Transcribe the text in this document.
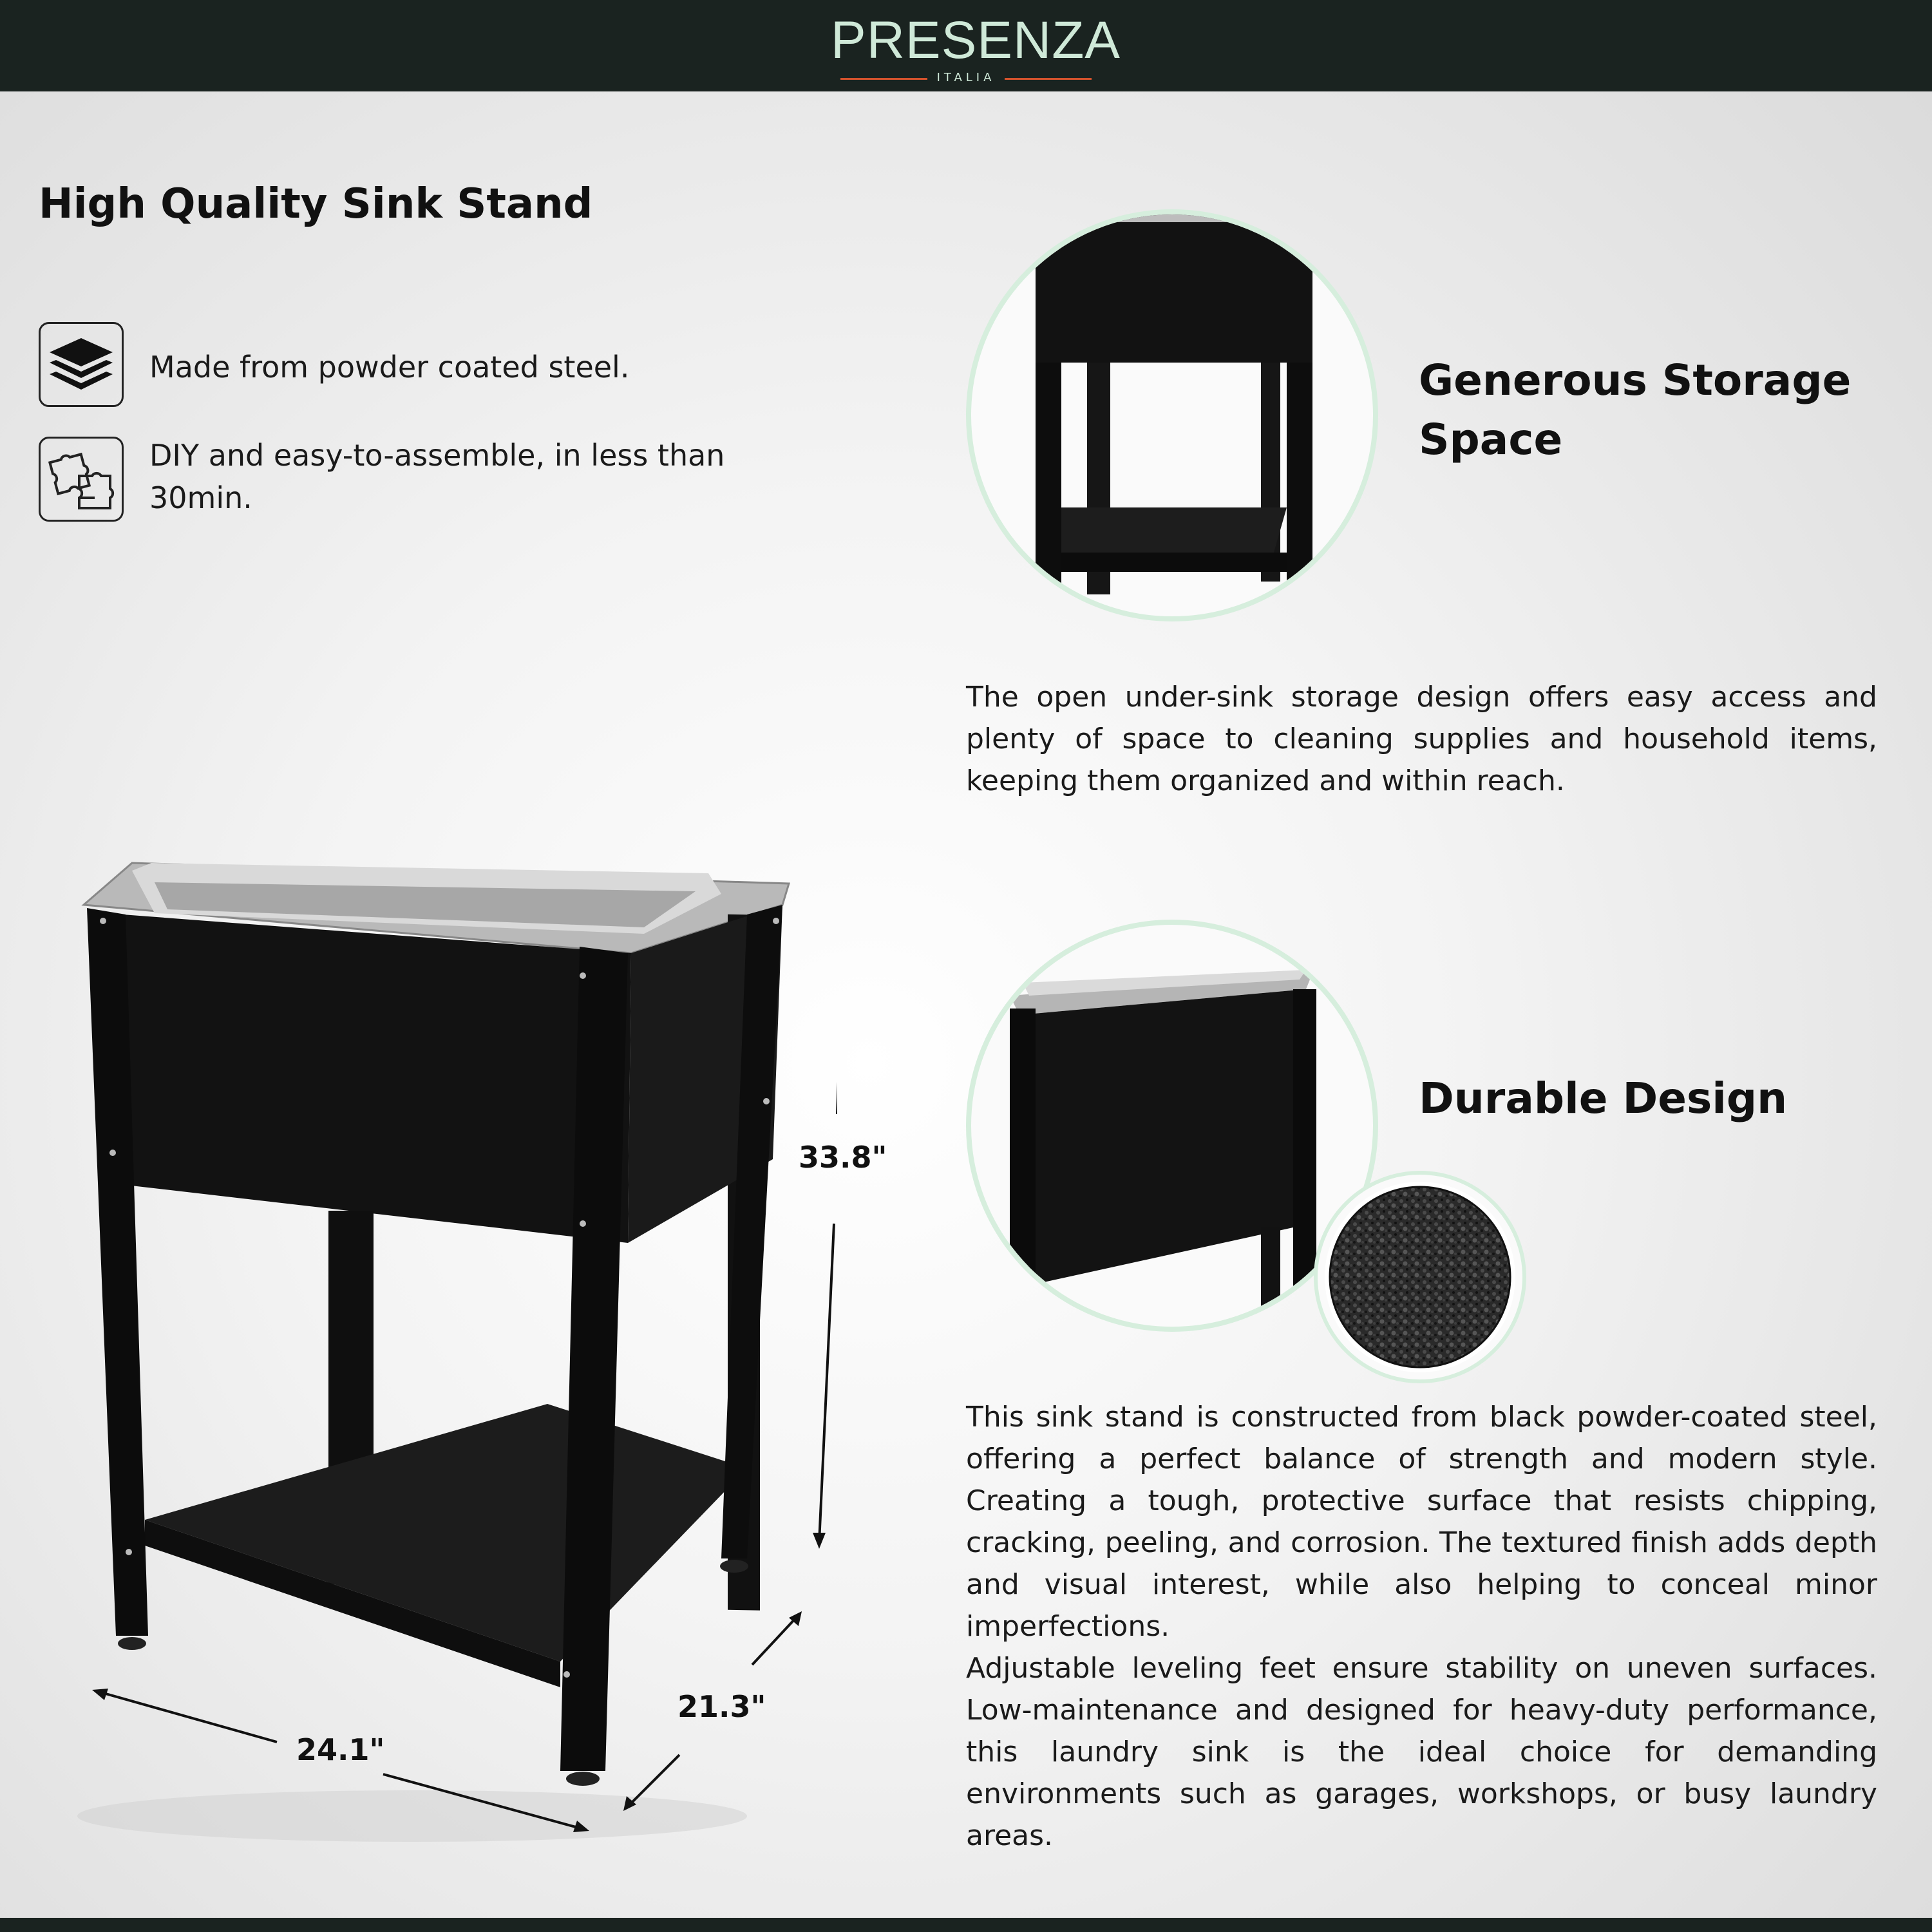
PRESENZA
ITALIA
High Quality Sink Stand
Made from powder coated steel.
DIY and easy-to-assemble, in less than 30min.
33.8"
24.1"
21.3"
Generous Storage Space
The open under-sink storage design offers easy access and plenty of space to cleaning supplies and household items, keeping them organized and within reach.
Durable Design
This sink stand is constructed from black powder-coated steel, offering a perfect balance of strength and modern style. Creating a tough, protective surface that resists chipping, cracking, peeling, and corrosion. The textured finish adds depth and visual interest, while also helping to conceal minor imperfections.
Adjustable leveling feet ensure stability on uneven surfaces. Low-maintenance and designed for heavy-duty performance, this laundry sink is the ideal choice for demanding environments such as garages, workshops, or busy laundry areas.
